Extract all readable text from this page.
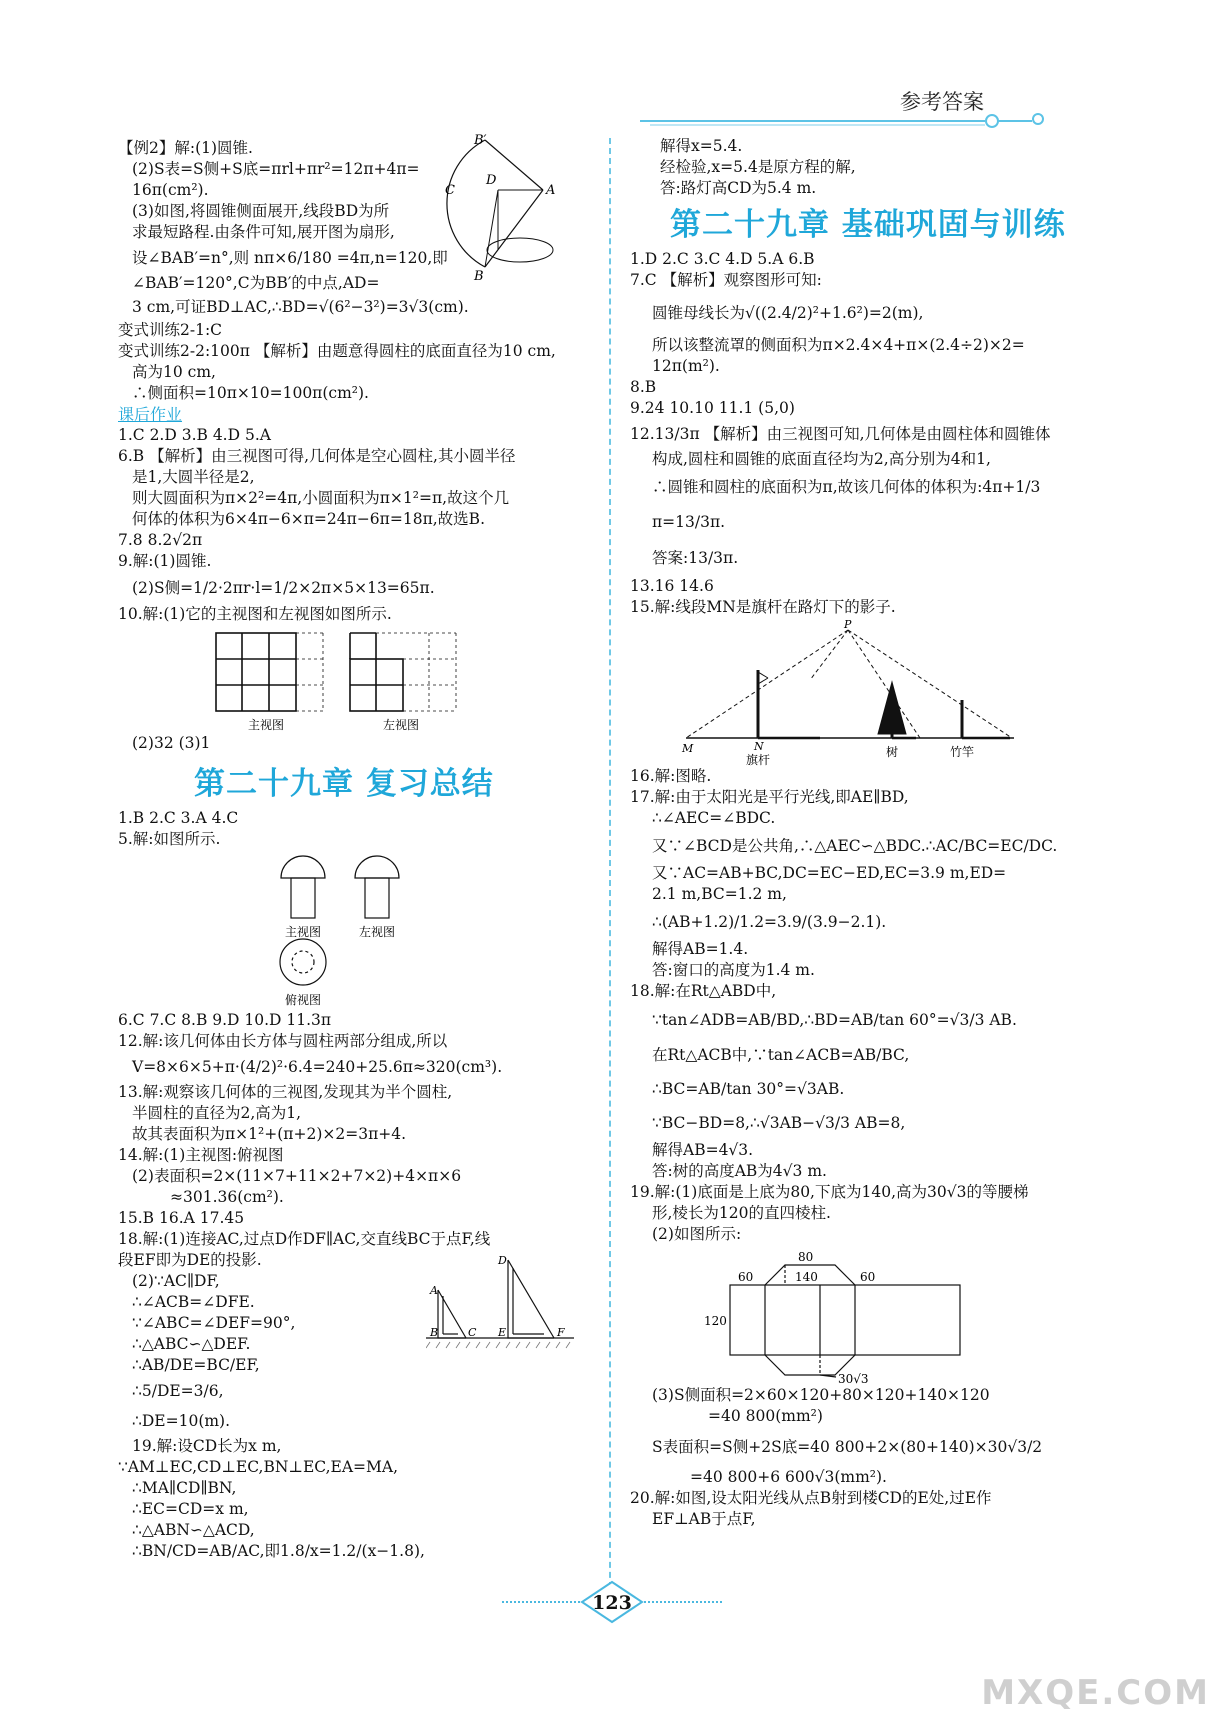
参考答案
B′
C
D
A
B
【例2】解:(1)圆锥.
(2)S表=S侧+S底=πrl+πr²=12π+4π=
16π(cm²).
(3)如图,将圆锥侧面展开,线段BD为所
求最短路程.由条件可知,展开图为扇形,
设∠BAB′=n°,则 nπ×6/180 =4π,n=120,即
∠BAB′=120°,C为BB′的中点,AD=
3 cm,可证BD⊥AC,∴BD=√(6²−3²)=3√3(cm).
变式训练2-1:C
变式训练2-2:100π 【解析】由题意得圆柱的底面直径为10 cm,
高为10 cm,
∴侧面积=10π×10=100π(cm²).
课后作业
1.C 2.D 3.B 4.D 5.A
6.B 【解析】由三视图可得,几何体是空心圆柱,其小圆半径
是1,大圆半径是2,
则大圆面积为π×2²=4π,小圆面积为π×1²=π,故这个几
何体的体积为6×4π−6×π=24π−6π=18π,故选B.
7.8 8.2√2π
9.解:(1)圆锥.
(2)S侧=1/2·2πr·l=1/2×2π×5×13=65π.
10.解:(1)它的主视图和左视图如图所示.
主视图	左视图
(2)32 (3)1
第二十九章 复习总结
1.B 2.C 3.A 4.C
5.解:如图所示.
主视图	左视图
俯视图
6.C 7.C 8.B 9.D 10.D 11.3π
12.解:该几何体由长方体与圆柱两部分组成,所以
V=8×6×5+π·(4/2)²·6.4=240+25.6π≈320(cm³).
13.解:观察该几何体的三视图,发现其为半个圆柱,
半圆柱的直径为2,高为1,
故其表面积为π×1²+(π+2)×2=3π+4.
14.解:(1)主视图:俯视图
(2)表面积=2×(11×7+11×2+7×2)+4×π×6
≈301.36(cm²).
15.B 16.A 17.45
18.解:(1)连接AC,过点D作DF∥AC,交直线BC于点F,线
A
B	C
D
E	F
段EF即为DE的投影.
(2)∵AC∥DF,
∴∠ACB=∠DFE.
∵∠ABC=∠DEF=90°,
∴△ABC∽△DEF.
∴AB/DE=BC/EF,
∴5/DE=3/6,
∴DE=10(m).
19.解:设CD长为x m,
∵AM⊥EC,CD⊥EC,BN⊥EC,EA=MA,
∴MA∥CD∥BN,
∴EC=CD=x m,
∴△ABN∽△ACD,
∴BN/CD=AB/AC,即1.8/x=1.2/(x−1.8),
解得x=5.4.
经检验,x=5.4是原方程的解,
答:路灯高CD为5.4 m.
第二十九章 基础巩固与训练
1.D 2.C 3.C 4.D 5.A 6.B
7.C 【解析】观察图形可知:
圆锥母线长为√((2.4/2)²+1.6²)=2(m),
所以该整流罩的侧面积为π×2.4×4+π×(2.4÷2)×2=
12π(m²).
8.B
9.24 10.10 11.1 (5,0)
12.13/3π 【解析】由三视图可知,几何体是由圆柱体和圆锥体
构成,圆柱和圆锥的底面直径均为2,高分别为4和1,
∴圆锥和圆柱的底面积为π,故该几何体的体积为:4π+1/3
π=13/3π.
答案:13/3π.
13.16 14.6
15.解:线段MN是旗杆在路灯下的影子.
P
M	N
旗杆
树	竹竿
16.解:图略.
17.解:由于太阳光是平行光线,即AE∥BD,
∴∠AEC=∠BDC.
又∵∠BCD是公共角,∴△AEC∽△BDC.∴AC/BC=EC/DC.
又∵AC=AB+BC,DC=EC−ED,EC=3.9 m,ED=
2.1 m,BC=1.2 m,
∴(AB+1.2)/1.2=3.9/(3.9−2.1).
解得AB=1.4.
答:窗口的高度为1.4 m.
18.解:在Rt△ABD中,
∵tan∠ADB=AB/BD,∴BD=AB/tan 60°=√3/3 AB.
在Rt△ACB中,∵tan∠ACB=AB/BC,
∴BC=AB/tan 30°=√3AB.
∵BC−BD=8,∴√3AB−√3/3 AB=8,
解得AB=4√3.
答:树的高度AB为4√3 m.
19.解:(1)底面是上底为80,下底为140,高为30√3的等腰梯
形,棱长为120的直四棱柱.
(2)如图所示:
80
140
60	60
120
30√3
(3)S侧面积=2×60×120+80×120+140×120
=40 800(mm²)
S表面积=S侧+2S底=40 800+2×(80+140)×30√3/2
=40 800+6 600√3(mm²).
20.解:如图,设太阳光线从点B射到楼CD的E处,过E作
EF⊥AB于点F,
123
MXQE.COM
